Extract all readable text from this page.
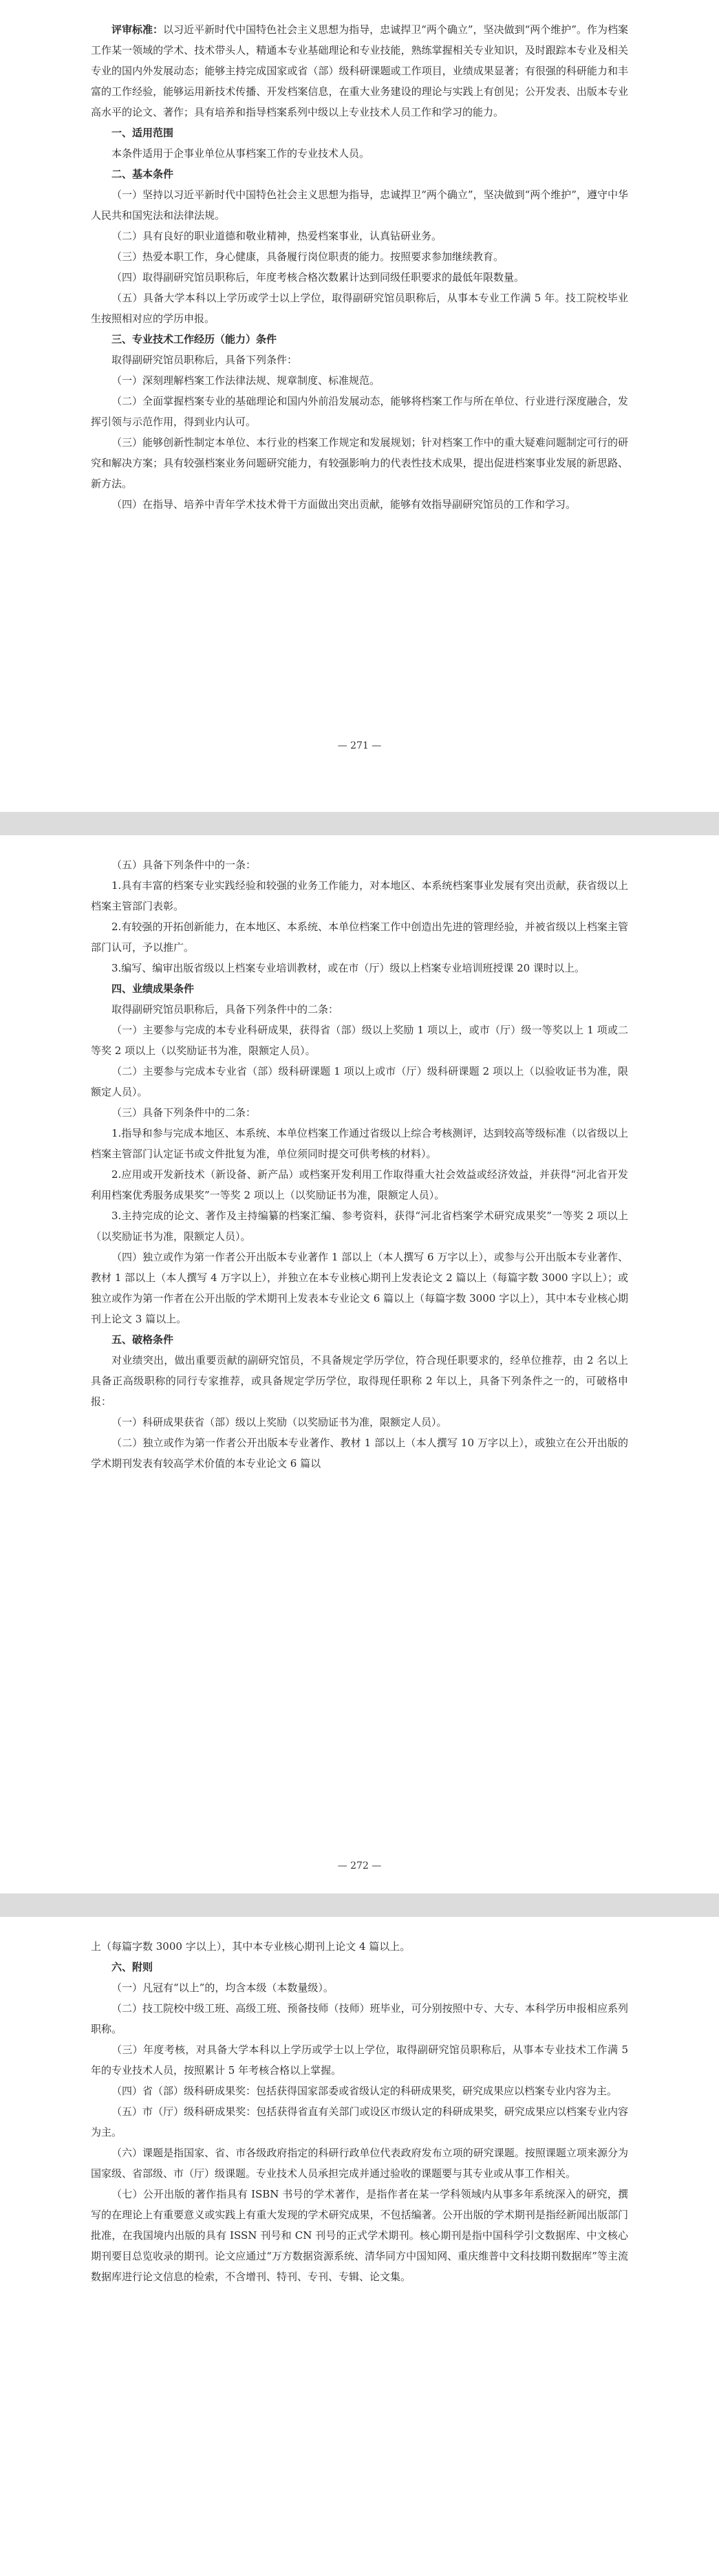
评审标准：以习近平新时代中国特色社会主义思想为指导，忠诚捍卫“两个确立”，坚决做到“两个维护”。作为档案工作某一领域的学术、技术带头人，精通本专业基础理论和专业技能，熟练掌握相关专业知识，及时跟踪本专业及相关专业的国内外发展动态；能够主持完成国家或省（部）级科研课题或工作项目，业绩成果显著；有很强的科研能力和丰富的工作经验，能够运用新技术传播、开发档案信息，在重大业务建设的理论与实践上有创见；公开发表、出版本专业高水平的论文、著作；具有培养和指导档案系列中级以上专业技术人员工作和学习的能力。

一、适用范围

本条件适用于企事业单位从事档案工作的专业技术人员。

二、基本条件

（一）坚持以习近平新时代中国特色社会主义思想为指导，忠诚捍卫“两个确立”，坚决做到“两个维护”，遵守中华人民共和国宪法和法律法规。

（二）具有良好的职业道德和敬业精神，热爱档案事业，认真钻研业务。

（三）热爱本职工作，身心健康，具备履行岗位职责的能力。按照要求参加继续教育。

（四）取得副研究馆员职称后，年度考核合格次数累计达到同级任职要求的最低年限数量。

（五）具备大学本科以上学历或学士以上学位，取得副研究馆员职称后，从事本专业工作满 5 年。技工院校毕业生按照相对应的学历申报。

三、专业技术工作经历（能力）条件

取得副研究馆员职称后，具备下列条件：

（一）深刻理解档案工作法律法规、规章制度、标准规范。

（二）全面掌握档案专业的基础理论和国内外前沿发展动态，能够将档案工作与所在单位、行业进行深度融合，发挥引领与示范作用，得到业内认可。

（三）能够创新性制定本单位、本行业的档案工作规定和发展规划；针对档案工作中的重大疑难问题制定可行的研究和解决方案；具有较强档案业务问题研究能力，有较强影响力的代表性技术成果，提出促进档案事业发展的新思路、新方法。

（四）在指导、培养中青年学术技术骨干方面做出突出贡献，能够有效指导副研究馆员的工作和学习。

— 271 —

（五）具备下列条件中的一条：

1.具有丰富的档案专业实践经验和较强的业务工作能力，对本地区、本系统档案事业发展有突出贡献，获省级以上档案主管部门表彰。

2.有较强的开拓创新能力，在本地区、本系统、本单位档案工作中创造出先进的管理经验，并被省级以上档案主管部门认可，予以推广。

3.编写、编审出版省级以上档案专业培训教材，或在市（厅）级以上档案专业培训班授课 20 课时以上。

四、业绩成果条件

取得副研究馆员职称后，具备下列条件中的二条：

（一）主要参与完成的本专业科研成果，获得省（部）级以上奖励 1 项以上，或市（厅）级一等奖以上 1 项或二等奖 2 项以上（以奖励证书为准，限额定人员）。

（二）主要参与完成本专业省（部）级科研课题 1 项以上或市（厅）级科研课题 2 项以上（以验收证书为准，限额定人员）。

（三）具备下列条件中的二条：

1.指导和参与完成本地区、本系统、本单位档案工作通过省级以上综合考核测评，达到较高等级标准（以省级以上档案主管部门认定证书或文件批复为准，单位须同时提交可供考核的材料）。

2.应用或开发新技术（新设备、新产品）或档案开发利用工作取得重大社会效益或经济效益，并获得“河北省开发利用档案优秀服务成果奖”一等奖 2 项以上（以奖励证书为准，限额定人员）。

3.主持完成的论文、著作及主持编纂的档案汇编、参考资料，获得“河北省档案学术研究成果奖”一等奖 2 项以上（以奖励证书为准，限额定人员）。

（四）独立或作为第一作者公开出版本专业著作 1 部以上（本人撰写 6 万字以上），或参与公开出版本专业著作、教材 1 部以上（本人撰写 4 万字以上），并独立在本专业核心期刊上发表论文 2 篇以上（每篇字数 3000 字以上）；或独立或作为第一作者在公开出版的学术期刊上发表本专业论文 6 篇以上（每篇字数 3000 字以上），其中本专业核心期刊上论文 3 篇以上。

五、破格条件

对业绩突出，做出重要贡献的副研究馆员，不具备规定学历学位，符合现任职要求的，经单位推荐，由 2 名以上具备正高级职称的同行专家推荐，或具备规定学历学位，取得现任职称 2 年以上，具备下列条件之一的，可破格申报：

（一）科研成果获省（部）级以上奖励（以奖励证书为准，限额定人员）。

（二）独立或作为第一作者公开出版本专业著作、教材 1 部以上（本人撰写 10 万字以上），或独立在公开出版的学术期刊发表有较高学术价值的本专业论文 6 篇以

— 272 —

上（每篇字数 3000 字以上），其中本专业核心期刊上论文 4 篇以上。

六、附则

（一）凡冠有“以上”的，均含本级（本数量级）。

（二）技工院校中级工班、高级工班、预备技师（技师）班毕业，可分别按照中专、大专、本科学历申报相应系列职称。

（三）年度考核，对具备大学本科以上学历或学士以上学位，取得副研究馆员职称后，从事本专业技术工作满 5 年的专业技术人员，按照累计 5 年考核合格以上掌握。

（四）省（部）级科研成果奖：包括获得国家部委或省级认定的科研成果奖，研究成果应以档案专业内容为主。

（五）市（厅）级科研成果奖：包括获得省直有关部门或设区市级认定的科研成果奖，研究成果应以档案专业内容为主。

（六）课题是指国家、省、市各级政府指定的科研行政单位代表政府发布立项的研究课题。按照课题立项来源分为国家级、省部级、市（厅）级课题。专业技术人员承担完成并通过验收的课题要与其专业或从事工作相关。

（七）公开出版的著作指具有 ISBN 书号的学术著作，是指作者在某一学科领域内从事多年系统深入的研究，撰写的在理论上有重要意义或实践上有重大发现的学术研究成果，不包括编著。公开出版的学术期刊是指经新闻出版部门批准，在我国境内出版的具有 ISSN 刊号和 CN 刊号的正式学术期刊。核心期刊是指中国科学引文数据库、中文核心期刊要目总览收录的期刊。论文应通过“万方数据资源系统、清华同方中国知网、重庆维普中文科技期刊数据库”等主流数据库进行论文信息的检索，不含增刊、特刊、专刊、专辑、论文集。
